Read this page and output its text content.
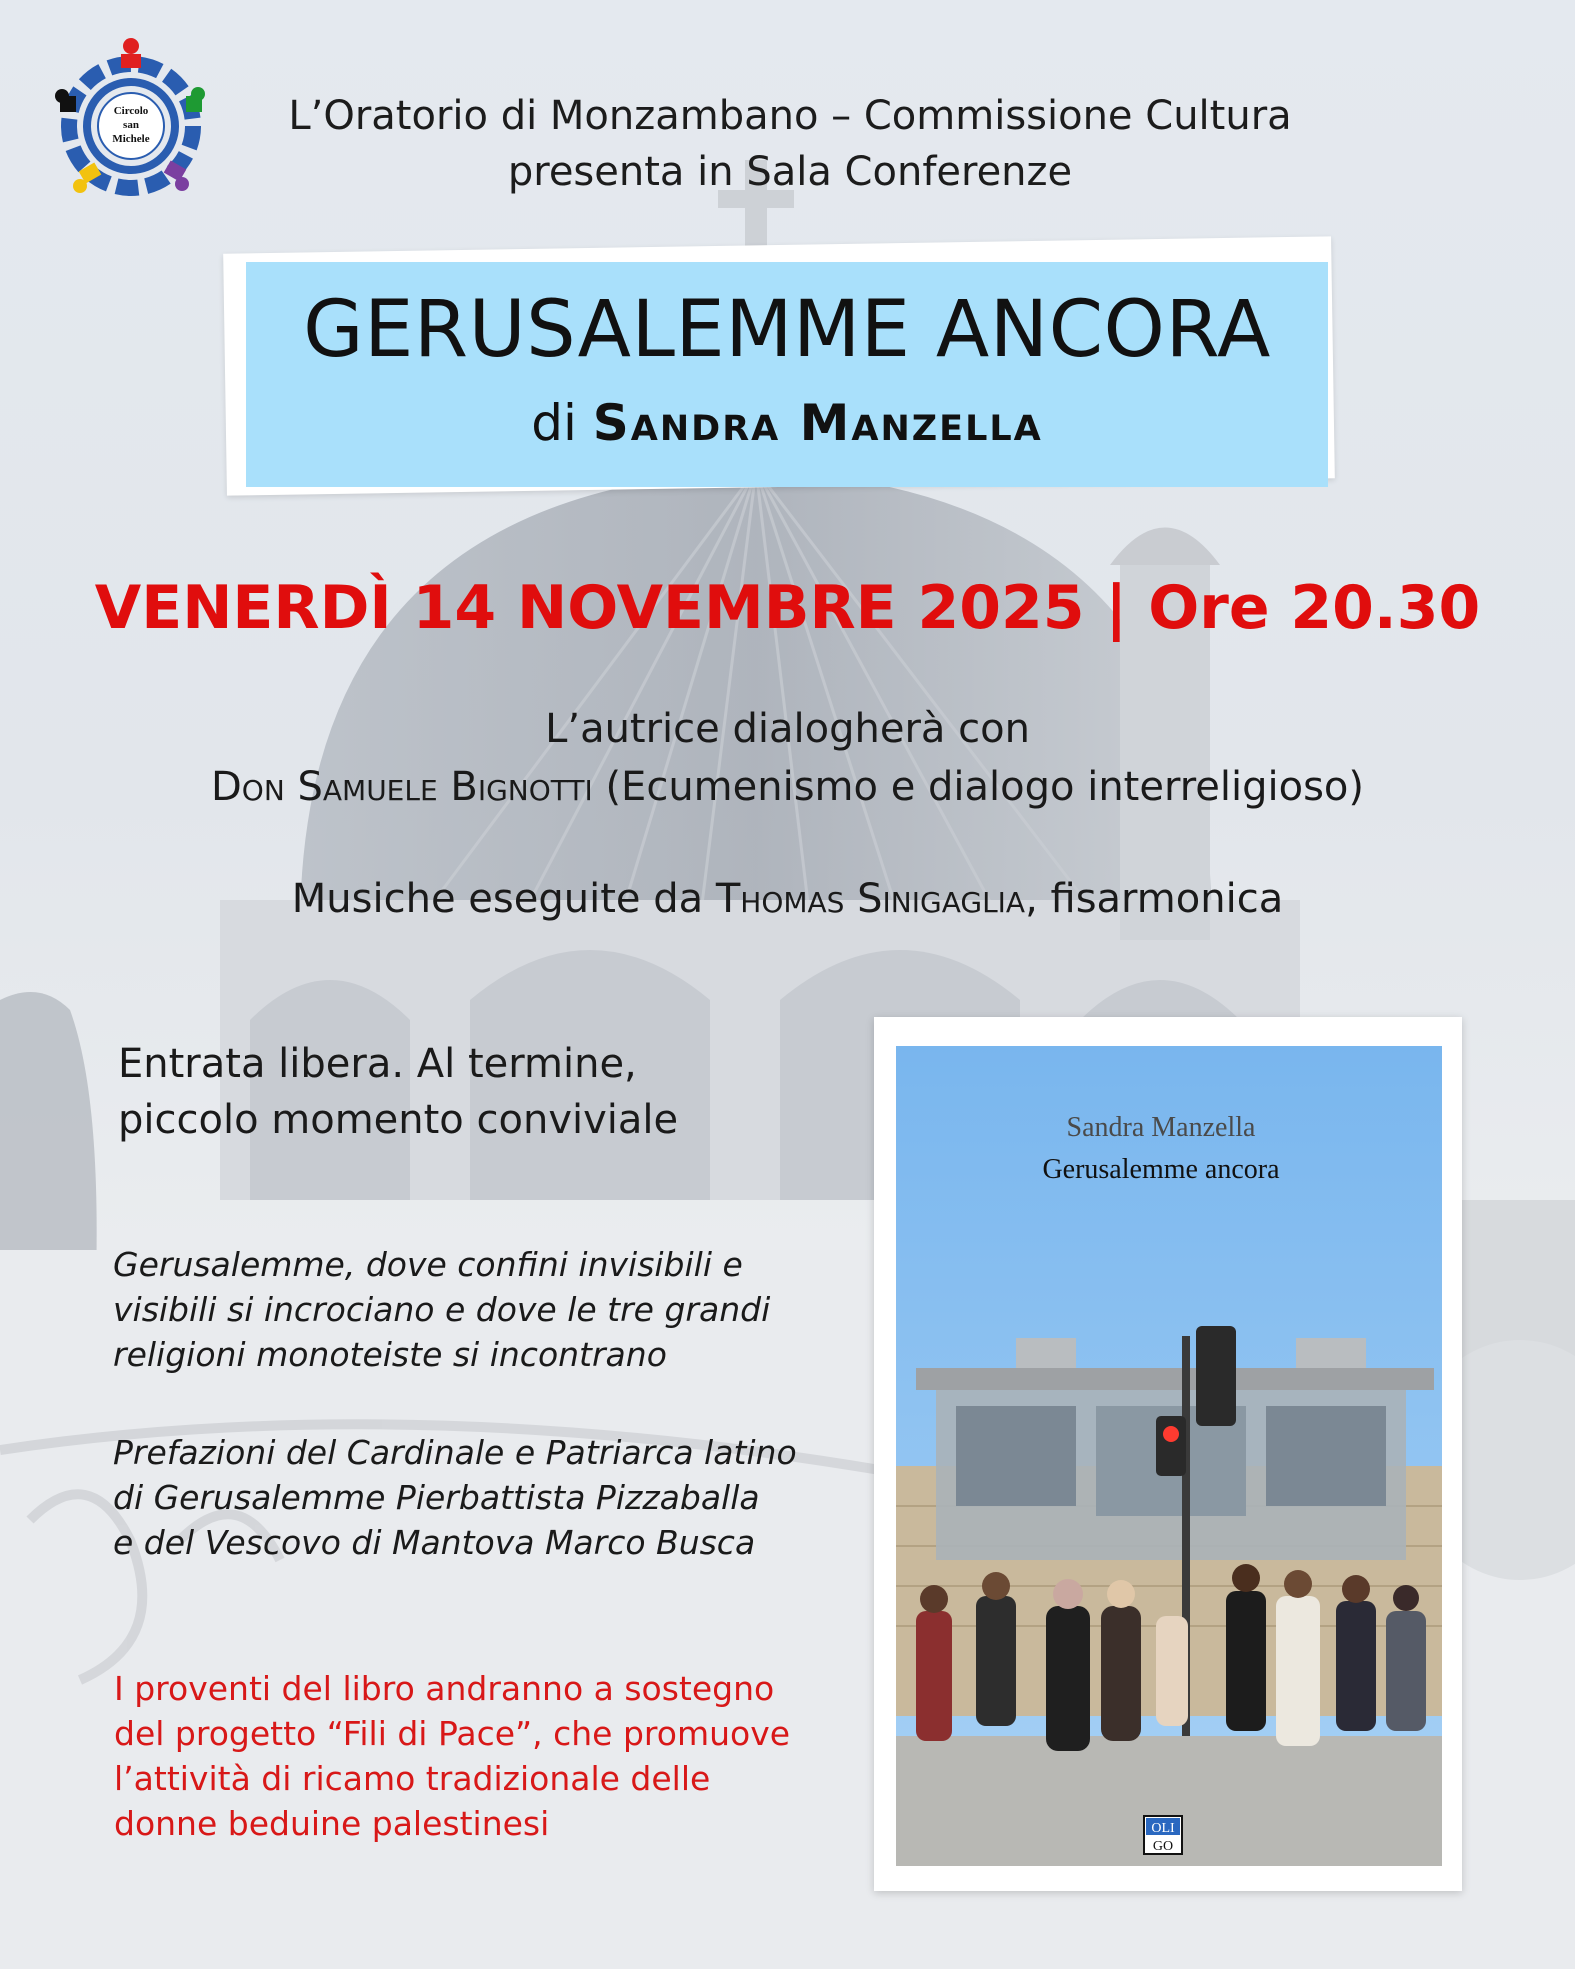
Circolo
san
Michele	L’Oratorio di Monzambano – Commissione Cultura
presenta in Sala Conferenze
GERUSALEMME ANCORA
di Sandra Manzella
VENERDÌ 14 NOVEMBRE 2025 | Ore 20.30
L’autrice dialogherà con
Don Samuele Bignotti (Ecumenismo e dialogo interreligioso)
Musiche eseguite da Thomas Sinigaglia, fisarmonica
Entrata libera. Al termine,
piccolo momento conviviale
Gerusalemme, dove confini invisibili e
visibili si incrociano e dove le tre grandi
religioni monoteiste si incontrano
Prefazioni del Cardinale e Patriarca latino
di Gerusalemme Pierbattista Pizzaballa
e del Vescovo di Mantova Marco Busca
I proventi del libro andranno a sostegno
del progetto “Fili di Pace”, che promuove
l’attività di ricamo tradizionale delle
donne beduine palestinesi
Sandra Manzella
Gerusalemme ancora
OLI
GO
